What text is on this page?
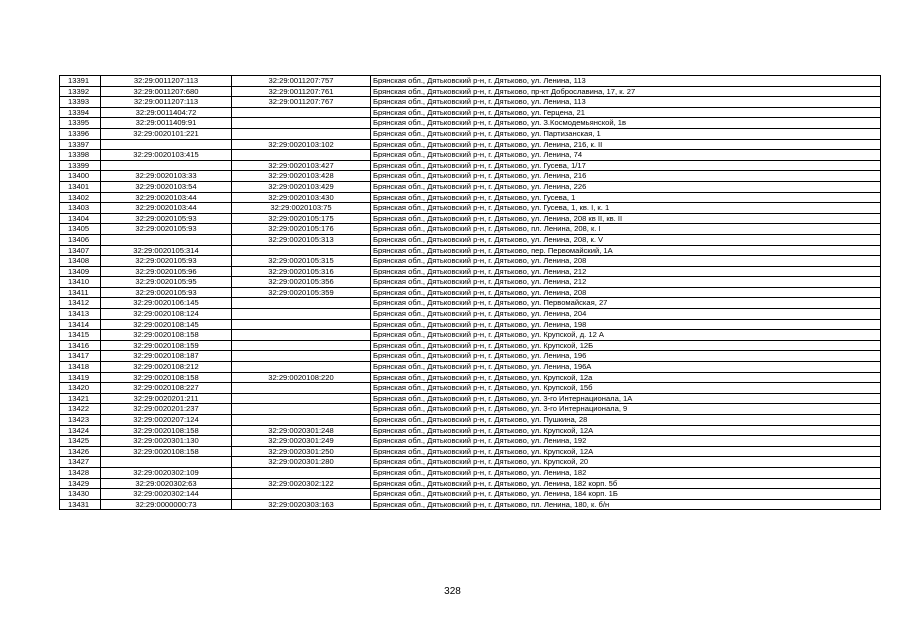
13391	32:29:0011207:113	32:29:0011207:757	Брянская обл., Дятьковский р-н, г. Дятьково, ул. Ленина, 113
13392	32:29:0011207:680	32:29:0011207:761	Брянская обл., Дятьковский р-н, г. Дятьково, пр-кт Доброславина, 17, к. 27
13393	32:29:0011207:113	32:29:0011207:767	Брянская обл., Дятьковский р-н, г. Дятьково, ул. Ленина, 113
13394	32:29:0011404:72		Брянская обл., Дятьковский р-н, г. Дятьково, ул. Герцена, 21
13395	32:29:0011409:91		Брянская обл., Дятьковский р-н, г. Дятьково, ул. З.Космодемьянской, 1в
13396	32:29:0020101:221		Брянская обл., Дятьковский р-н, г. Дятьково, ул. Партизанская, 1
13397		32:29:0020103:102	Брянская обл., Дятьковский р-н, г. Дятьково, ул. Ленина, 216, к. II
13398	32:29:0020103:415		Брянская обл., Дятьковский р-н, г. Дятьково, ул. Ленина, 74
13399		32:29:0020103:427	Брянская обл., Дятьковский р-н, г. Дятьково, ул. Гусева, 1/17
13400	32:29:0020103:33	32:29:0020103:428	Брянская обл., Дятьковский р-н, г. Дятьково, ул. Ленина, 216
13401	32:29:0020103:54	32:29:0020103:429	Брянская обл., Дятьковский р-н, г. Дятьково, ул. Ленина, 226
13402	32:29:0020103:44	32:29:0020103:430	Брянская обл., Дятьковский р-н, г. Дятьково, ул. Гусева, 1
13403	32:29:0020103:44	32:29:0020103:75	Брянская обл., Дятьковский р-н, г. Дятьково, ул. Гусева, 1, кв. I, к. 1
13404	32:29:0020105:93	32:29:0020105:175	Брянская обл., Дятьковский р-н, г. Дятьково, ул. Ленина, 208 кв II, кв. II
13405	32:29:0020105:93	32:29:0020105:176	Брянская обл., Дятьковский р-н, г. Дятьково, пл. Ленина, 208, к. I
13406		32:29:0020105:313	Брянская обл., Дятьковский р-н, г. Дятьково, ул. Ленина, 208, к. V
13407	32:29:0020105:314		Брянская обл., Дятьковский р-н, г. Дятьково, пер. Первомайский, 1А
13408	32:29:0020105:93	32:29:0020105:315	Брянская обл., Дятьковский р-н, г. Дятьково, ул. Ленина, 208
13409	32:29:0020105:96	32:29:0020105:316	Брянская обл., Дятьковский р-н, г. Дятьково, ул. Ленина, 212
13410	32:29:0020105:95	32:29:0020105:356	Брянская обл., Дятьковский р-н, г. Дятьково, ул. Ленина, 212
13411	32:29:0020105:93	32:29:0020105:359	Брянская обл., Дятьковский р-н, г. Дятьково, ул. Ленина, 208
13412	32:29:0020106:145		Брянская обл., Дятьковский р-н, г. Дятьково, ул. Первомайская, 27
13413	32:29:0020108:124		Брянская обл., Дятьковский р-н, г. Дятьково, ул. Ленина, 204
13414	32:29:0020108:145		Брянская обл., Дятьковский р-н, г. Дятьково, ул. Ленина, 198
13415	32:29:0020108:158		Брянская обл., Дятьковский р-н, г. Дятьково, ул. Крупской, д. 12 А
13416	32:29:0020108:159		Брянская обл., Дятьковский р-н, г. Дятьково, ул. Крупской, 12Б
13417	32:29:0020108:187		Брянская обл., Дятьковский р-н, г. Дятьково, ул. Ленина, 196
13418	32:29:0020108:212		Брянская обл., Дятьковский р-н, г. Дятьково, ул. Ленина, 196А
13419	32:29:0020108:158	32:29:0020108:220	Брянская обл., Дятьковский р-н, г. Дятьково, ул. Крупской, 12а
13420	32:29:0020108:227		Брянская обл., Дятьковский р-н, г. Дятьково, ул. Крупской, 15б
13421	32:29:0020201:211		Брянская обл., Дятьковский р-н, г. Дятьково, ул. 3-го Интернационала, 1А
13422	32:29:0020201:237		Брянская обл., Дятьковский р-н, г. Дятьково, ул. 3-го Интернационала, 9
13423	32:29:0020207:124		Брянская обл., Дятьковский р-н, г. Дятьково, ул. Пушкина, 28
13424	32:29:0020108:158	32:29:0020301:248	Брянская обл., Дятьковский р-н, г. Дятьково, ул. Крупской, 12А
13425	32:29:0020301:130	32:29:0020301:249	Брянская обл., Дятьковский р-н, г. Дятьково, ул. Ленина, 192
13426	32:29:0020108:158	32:29:0020301:250	Брянская обл., Дятьковский р-н, г. Дятьково, ул. Крупской, 12А
13427		32:29:0020301:280	Брянская обл., Дятьковский р-н, г. Дятьково, ул. Крупской, 20
13428	32:29:0020302:109		Брянская обл., Дятьковский р-н, г. Дятьково, ул. Ленина, 182
13429	32:29:0020302:63	32:29:0020302:122	Брянская обл., Дятьковский р-н, г. Дятьково, ул. Ленина, 182 корп. 5б
13430	32:29:0020302:144		Брянская обл., Дятьковский р-н, г. Дятьково, ул. Ленина, 184 корп. 1Б
13431	32:29:0000000:73	32:29:0020303:163	Брянская обл., Дятьковский р-н, г. Дятьково, пл. Ленина, 180, к. б/н
328
